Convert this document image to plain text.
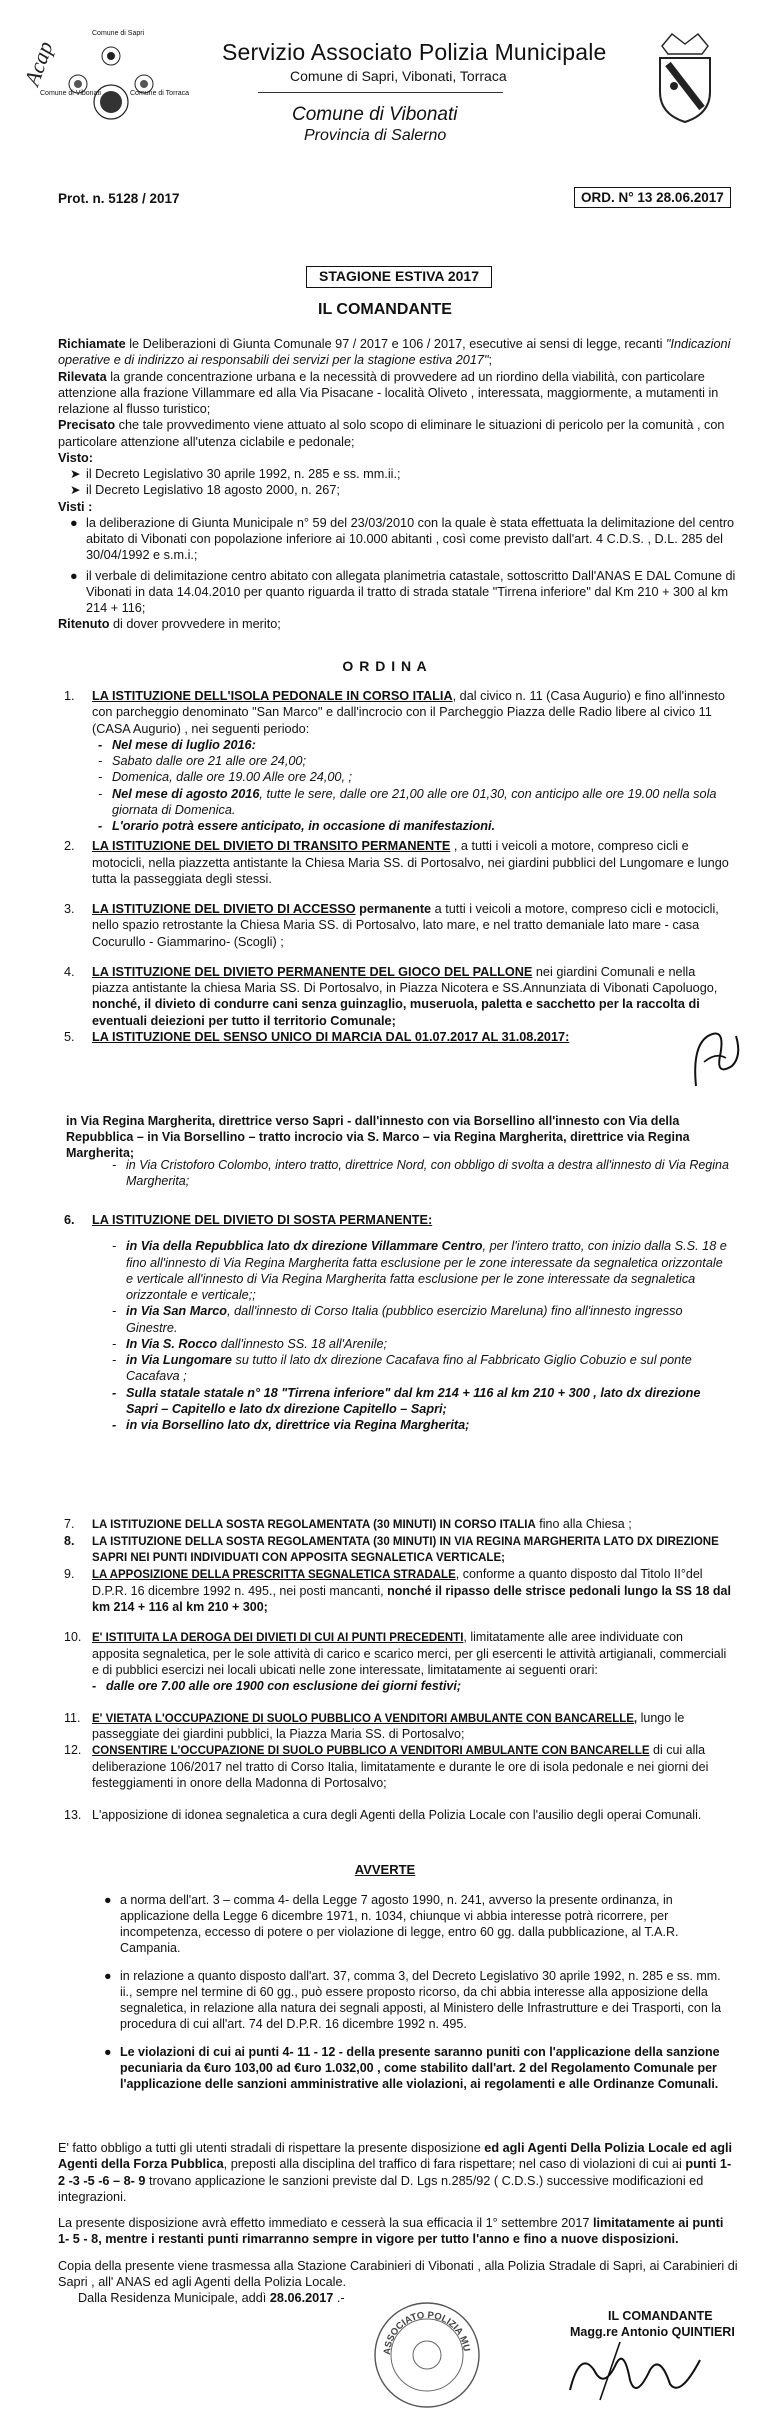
Acap
Comune di Sapri
Comune di Vibonati	Comune di Torraca
Servizio Associato Polizia Municipale
Comune di Sapri, Vibonati, Torraca
Comune di Vibonati
Provincia di Salerno
Prot. n. 5128 / 2017	ORD. N° 13 28.06.2017
STAGIONE ESTIVA 2017
IL COMANDANTE

Richiamate le Deliberazioni di Giunta Comunale 97 / 2017 e 106 / 2017, esecutive ai sensi di legge, recanti "Indicazioni operative e di indirizzo ai responsabili dei servizi per la stagione estiva 2017";

Rilevata la grande concentrazione urbana e la necessità di provvedere ad un riordino della viabilità, con particolare attenzione alla frazione Villammare ed alla Via Pisacane - località Oliveto , interessata, maggiormente, a mutamenti in relazione al flusso turistico;

Precisato che tale provvedimento viene attuato al solo scopo di eliminare le situazioni di pericolo per la comunità , con particolare attenzione all'utenza ciclabile e pedonale;

Visto:

➤ il Decreto Legislativo 30 aprile 1992, n. 285 e ss. mm.ii.;
➤ il Decreto Legislativo 18 agosto 2000, n. 267;

Visti :

● la deliberazione di Giunta Municipale n° 59 del 23/03/2010 con la quale è stata effettuata la delimitazione del centro abitato di Vibonati con popolazione inferiore ai 10.000 abitanti , così come previsto dall'art. 4 C.D.S. , D.L. 285 del 30/04/1992 e s.m.i.;
● il verbale di delimitazione centro abitato con allegata planimetria catastale, sottoscritto Dall'ANAS E DAL Comune di Vibonati in data 14.04.2010 per quanto riguarda il tratto di strada statale "Tirrena inferiore" dal Km 210 + 300 al km 214 + 116;

Ritenuto di dover provvedere in merito;

O R D I N A
1. LA ISTITUZIONE DELL'ISOLA PEDONALE IN CORSO ITALIA, dal civico n. 11 (Casa Augurio) e fino all'innesto con parcheggio denominato "San Marco" e dall'incrocio con il Parcheggio Piazza delle Radio libere al civico 11 (CASA Augurio) , nei seguenti periodo:
- Nel mese di luglio 2016:
- Sabato dalle ore 21 alle ore 24,00;
- Domenica, dalle ore 19.00 Alle ore 24,00, ;
- Nel mese di agosto 2016, tutte le sere, dalle ore 21,00 alle ore 01,30, con anticipo alle ore 19.00 nella sola giornata di Domenica.
- L'orario potrà essere anticipato, in occasione di manifestazioni.
2. LA ISTITUZIONE DEL DIVIETO DI TRANSITO PERMANENTE , a tutti i veicoli a motore, compreso cicli e motocicli, nella piazzetta antistante la Chiesa Maria SS. di Portosalvo, nei giardini pubblici del Lungomare e lungo tutta la passeggiata degli stessi.
3. LA ISTITUZIONE DEL DIVIETO DI ACCESSO permanente a tutti i veicoli a motore, compreso cicli e motocicli, nello spazio retrostante la Chiesa Maria SS. di Portosalvo, lato mare, e nel tratto demaniale lato mare - casa Cocurullo - Giammarino- (Scogli) ;
4. LA ISTITUZIONE DEL DIVIETO PERMANENTE DEL GIOCO DEL PALLONE nei giardini Comunali e nella piazza antistante la chiesa Maria SS. Di Portosalvo, in Piazza Nicotera e SS.Annunziata di Vibonati Capoluogo, nonché, il divieto di condurre cani senza guinzaglio, museruola, paletta e sacchetto per la raccolta di eventuali deiezioni per tutto il territorio Comunale;
5. LA ISTITUZIONE DEL SENSO UNICO DI MARCIA DAL 01.07.2017 AL 31.08.2017:
in Via Regina Margherita, direttrice verso Sapri - dall'innesto con via Borsellino all'innesto con Via della Repubblica – in Via Borsellino – tratto incrocio via S. Marco – via Regina Margherita, direttrice via Regina Margherita;
- in Via Cristoforo Colombo, intero tratto, direttrice Nord, con obbligo di svolta a destra all'innesto di Via Regina Margherita;
6. LA ISTITUZIONE DEL DIVIETO DI SOSTA PERMANENTE:
- in Via della Repubblica lato dx direzione Villammare Centro, per l'intero tratto, con inizio dalla S.S. 18 e fino all'innesto di Via Regina Margherita fatta esclusione per le zone interessate da segnaletica orizzontale e verticale all'innesto di Via Regina Margherita fatta esclusione per le zone interessate da segnaletica orizzontale e verticale;;
- in Via San Marco, dall'innesto di Corso Italia (pubblico esercizio Mareluna) fino all'innesto ingresso Ginestre.
- In Via S. Rocco dall'innesto SS. 18 all'Arenile;
- in Via Lungomare su tutto il lato dx direzione Cacafava fino al Fabbricato Giglio Cobuzio e sul ponte Cacafava ;
- Sulla statale statale n° 18 "Tirrena inferiore" dal km 214 + 116 al km 210 + 300 , lato dx direzione Sapri – Capitello e lato dx direzione Capitello – Sapri;
- in via Borsellino lato dx, direttrice via Regina Margherita;
7. LA ISTITUZIONE DELLA SOSTA REGOLAMENTATA (30 MINUTI) IN CORSO ITALIA fino alla Chiesa ;
8. LA ISTITUZIONE DELLA SOSTA REGOLAMENTATA (30 MINUTI) IN VIA REGINA MARGHERITA LATO DX DIREZIONE SAPRI NEI PUNTI INDIVIDUATI CON APPOSITA SEGNALETICA VERTICALE;
9. LA APPOSIZIONE DELLA PRESCRITTA SEGNALETICA STRADALE, conforme a quanto disposto dal Titolo II°del D.P.R. 16 dicembre 1992 n. 495., nei posti mancanti, nonché il ripasso delle strisce pedonali lungo la SS 18 dal km 214 + 116 al km 210 + 300;
10. E' ISTITUITA LA DEROGA DEI DIVIETI DI CUI AI PUNTI PRECEDENTI, limitatamente alle aree individuate con apposita segnaletica, per le sole attività di carico e scarico merci, per gli esercenti le attività artigianali, commerciali e di pubblici esercizi nei locali ubicati nelle zone interessate, limitatamente ai seguenti orari:
- dalle ore 7.00 alle ore 1900 con esclusione dei giorni festivi;
11. E' VIETATA L'OCCUPAZIONE DI SUOLO PUBBLICO A VENDITORI AMBULANTE CON BANCARELLE, lungo le passeggiate dei giardini pubblici, la Piazza Maria SS. di Portosalvo;
12. CONSENTIRE L'OCCUPAZIONE DI SUOLO PUBBLICO A VENDITORI AMBULANTE CON BANCARELLE di cui alla deliberazione 106/2017 nel tratto di Corso Italia, limitatamente e durante le ore di isola pedonale e nei giorni dei festeggiamenti in onore della Madonna di Portosalvo;
13. L'apposizione di idonea segnaletica a cura degli Agenti della Polizia Locale con l'ausilio degli operai Comunali.
AVVERTE
● a norma dell'art. 3 – comma 4- della Legge 7 agosto 1990, n. 241, avverso la presente ordinanza, in applicazione della Legge 6 dicembre 1971, n. 1034, chiunque vi abbia interesse potrà ricorrere, per incompetenza, eccesso di potere o per violazione di legge, entro 60 gg. dalla pubblicazione, al T.A.R. Campania.
● in relazione a quanto disposto dall'art. 37, comma 3, del Decreto Legislativo 30 aprile 1992, n. 285 e ss. mm. ii., sempre nel termine di 60 gg., può essere proposto ricorso, da chi abbia interesse alla apposizione della segnaletica, in relazione alla natura dei segnali apposti, al Ministero delle Infrastrutture e dei Trasporti, con la procedura di cui all'art. 74 del D.P.R. 16 dicembre 1992 n. 495.
● Le violazioni di cui ai punti 4- 11 - 12 - della presente saranno puniti con l'applicazione della sanzione pecuniaria da €uro 103,00 ad €uro 1.032,00 , come stabilito dall'art. 2 del Regolamento Comunale per l'applicazione delle sanzioni amministrative alle violazioni, ai regolamenti e alle Ordinanze Comunali.

E' fatto obbligo a tutti gli utenti stradali di rispettare la presente disposizione ed agli Agenti Della Polizia Locale ed agli Agenti della Forza Pubblica, preposti alla disciplina del traffico di fara rispettare; nel caso di violazioni di cui ai punti 1- 2 -3 -5 -6 – 8- 9 trovano applicazione le sanzioni previste dal D. Lgs n.285/92 ( C.D.S.) successive modificazioni ed integrazioni.

La presente disposizione avrà effetto immediato e cesserà la sua efficacia il 1° settembre 2017 limitatamente ai punti 1- 5 - 8, mentre i restanti punti rimarranno sempre in vigore per tutto l'anno e fino a nuove disposizioni.

Copia della presente viene trasmessa alla Stazione Carabinieri di Vibonati , alla Polizia Stradale di Sapri, ai Carabinieri di Sapri , all' ANAS ed agli Agenti della Polizia Locale.

Dalla Residenza Municipale, addì 28.06.2017 .-
ASSOCIATO POLIZIA MU
IL COMANDANTE
Magg.re Antonio QUINTIERI
